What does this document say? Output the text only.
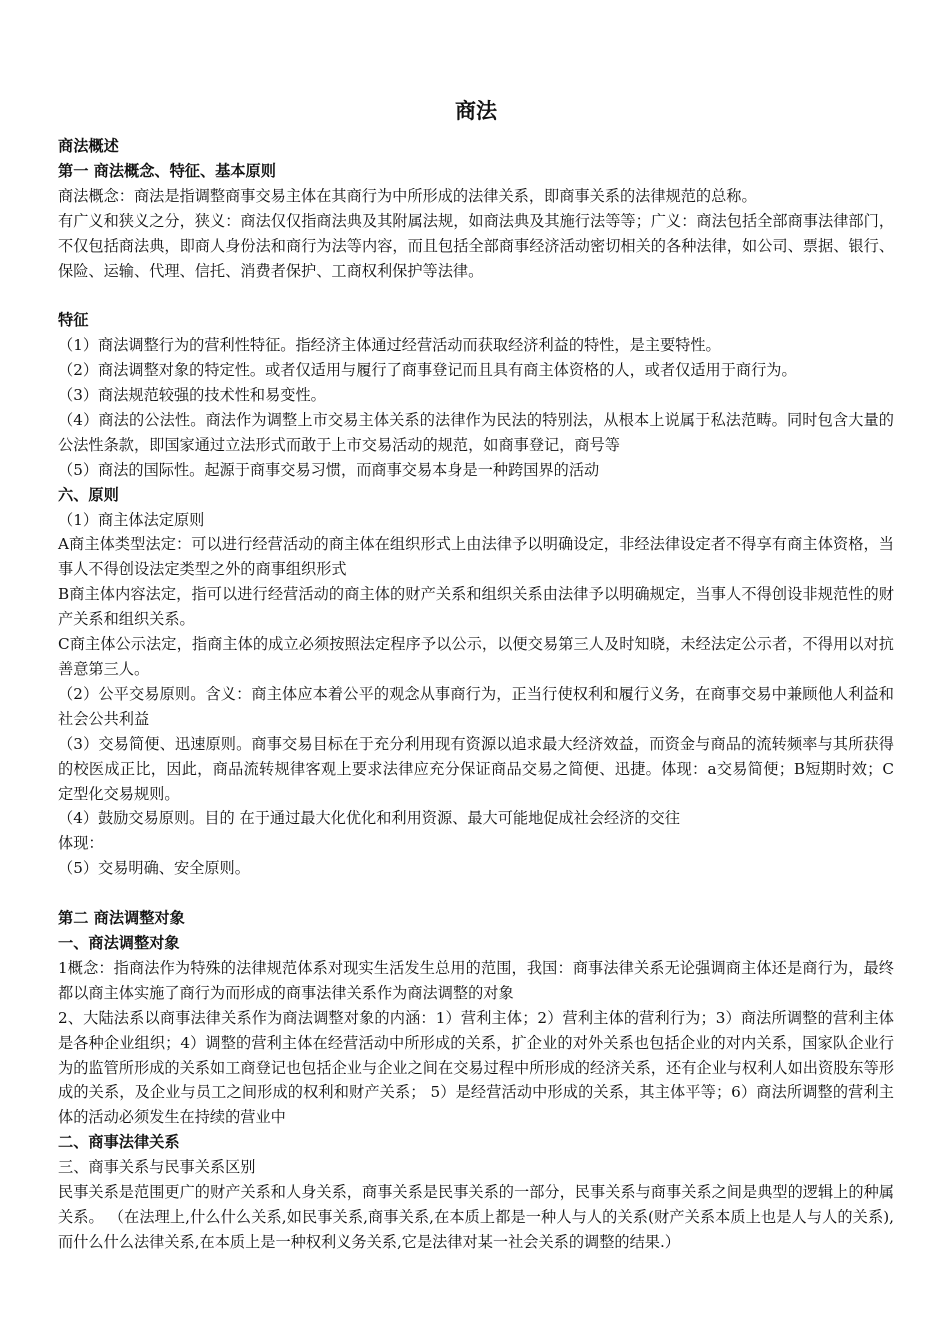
商法
商法概述
第一 商法概念、特征、基本原则

商法概念：商法是指调整商事交易主体在其商行为中所形成的法律关系，即商事关系的法律规范的总称。

有广义和狭义之分，狭义：商法仅仅指商法典及其附属法规，如商法典及其施行法等等；广义：商法包括全部商事法律部门，不仅包括商法典，即商人身份法和商行为法等内容，而且包括全部商事经济活动密切相关的各种法律，如公司、票据、银行、保险、运输、代理、信托、消费者保护、工商权利保护等法律。

特征

（1）商法调整行为的营利性特征。指经济主体通过经营活动而获取经济利益的特性，是主要特性。

（2）商法调整对象的特定性。或者仅适用与履行了商事登记而且具有商主体资格的人，或者仅适用于商行为。

（3）商法规范较强的技术性和易变性。

（4）商法的公法性。商法作为调整上市交易主体关系的法律作为民法的特别法，从根本上说属于私法范畴。同时包含大量的公法性条款，即国家通过立法形式而敢于上市交易活动的规范，如商事登记，商号等

（5）商法的国际性。起源于商事交易习惯，而商事交易本身是一种跨国界的活动

六、原则

（1）商主体法定原则

A商主体类型法定：可以进行经营活动的商主体在组织形式上由法律予以明确设定，非经法律设定者不得享有商主体资格，当事人不得创设法定类型之外的商事组织形式

B商主体内容法定，指可以进行经营活动的商主体的财产关系和组织关系由法律予以明确规定，当事人不得创设非规范性的财产关系和组织关系。

C商主体公示法定，指商主体的成立必须按照法定程序予以公示，以便交易第三人及时知晓，未经法定公示者，不得用以对抗善意第三人。

（2）公平交易原则。含义：商主体应本着公平的观念从事商行为，正当行使权利和履行义务，在商事交易中兼顾他人利益和社会公共利益

（3）交易简便、迅速原则。商事交易目标在于充分利用现有资源以追求最大经济效益，而资金与商品的流转频率与其所获得的校医成正比，因此，商品流转规律客观上要求法律应充分保证商品交易之简便、迅捷。体现：a交易简便；B短期时效；C定型化交易规则。

（4）鼓励交易原则。目的 在于通过最大化优化和利用资源、最大可能地促成社会经济的交往

体现：

（5）交易明确、安全原则。

第二 商法调整对象
一、商法调整对象

1概念：指商法作为特殊的法律规范体系对现实生活发生总用的范围，我国：商事法律关系无论强调商主体还是商行为，最终都以商主体实施了商行为而形成的商事法律关系作为商法调整的对象

2、大陆法系以商事法律关系作为商法调整对象的内涵：1）营利主体；2）营利主体的营利行为；3）商法所调整的营利主体是各种企业组织；4）调整的营利主体在经营活动中所形成的关系，扩企业的对外关系也包括企业的对内关系，国家队企业行为的监管所形成的关系如工商登记也包括企业与企业之间在交易过程中所形成的经济关系，还有企业与权利人如出资股东等形成的关系，及企业与员工之间形成的权利和财产关系； 5）是经营活动中形成的关系，其主体平等；6）商法所调整的营利主体的活动必须发生在持续的营业中

二、商事法律关系

三、商事关系与民事关系区别

民事关系是范围更广的财产关系和人身关系，商事关系是民事关系的一部分，民事关系与商事关系之间是典型的逻辑上的种属关系。 （在法理上,什么什么关系,如民事关系,商事关系,在本质上都是一种人与人的关系(财产关系本质上也是人与人的关系),而什么什么法律关系,在本质上是一种权利义务关系,它是法律对某一社会关系的调整的结果.）
